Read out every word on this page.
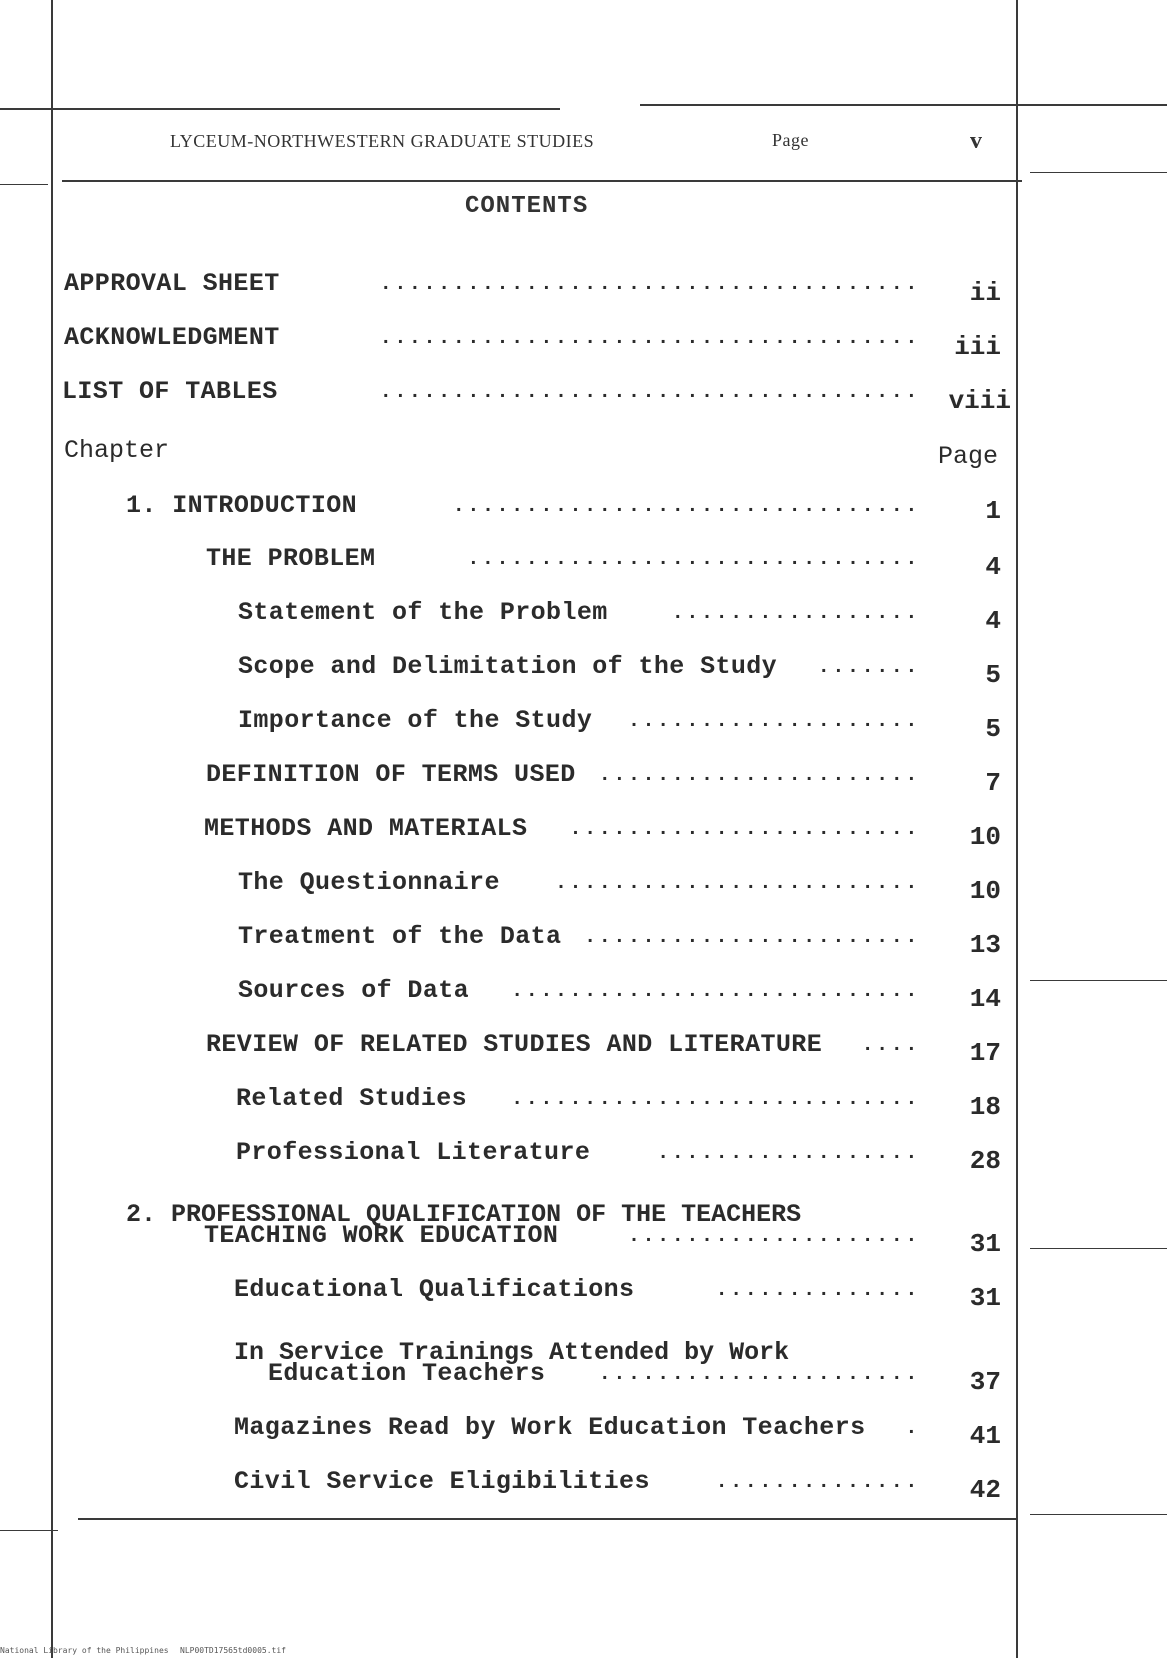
LYCEUM-NORTHWESTERN GRADUATE STUDIES	Page	v
CONTENTS
APPROVAL SHEET	..................................... ii
ACKNOWLEDGMENT	..................................... iii
LIST OF TABLES	..................................... viii
Chapter	Page
1. INTRODUCTION	................................	1
THE PROBLEM	...............................	4
Statement of the Problem	.................	4
Scope and Delimitation of the Study .......	5
Importance of the Study ....................	5
DEFINITION OF TERMS USED ......................	7
METHODS AND MATERIALS ........................ 10
The Questionnaire	......................... 10
Treatment of the Data ....................... 13
Sources of Data ............................ 14
REVIEW OF RELATED STUDIES AND LITERATURE .... 17
Related Studies ............................ 18
Professional Literature	.................. 28
2. PROFESSIONAL QUALIFICATION OF THE TEACHERS
TEACHING WORK EDUCATION	.................... 31
Educational Qualifications	.............. 31
In Service Trainings Attended by Work
Education Teachers	...................... 37
Magazines Read by Work Education Teachers . 41
Civil Service Eligibilities	.............. 42
National Library of the Philippines NLP00TD17565td0005.tif
